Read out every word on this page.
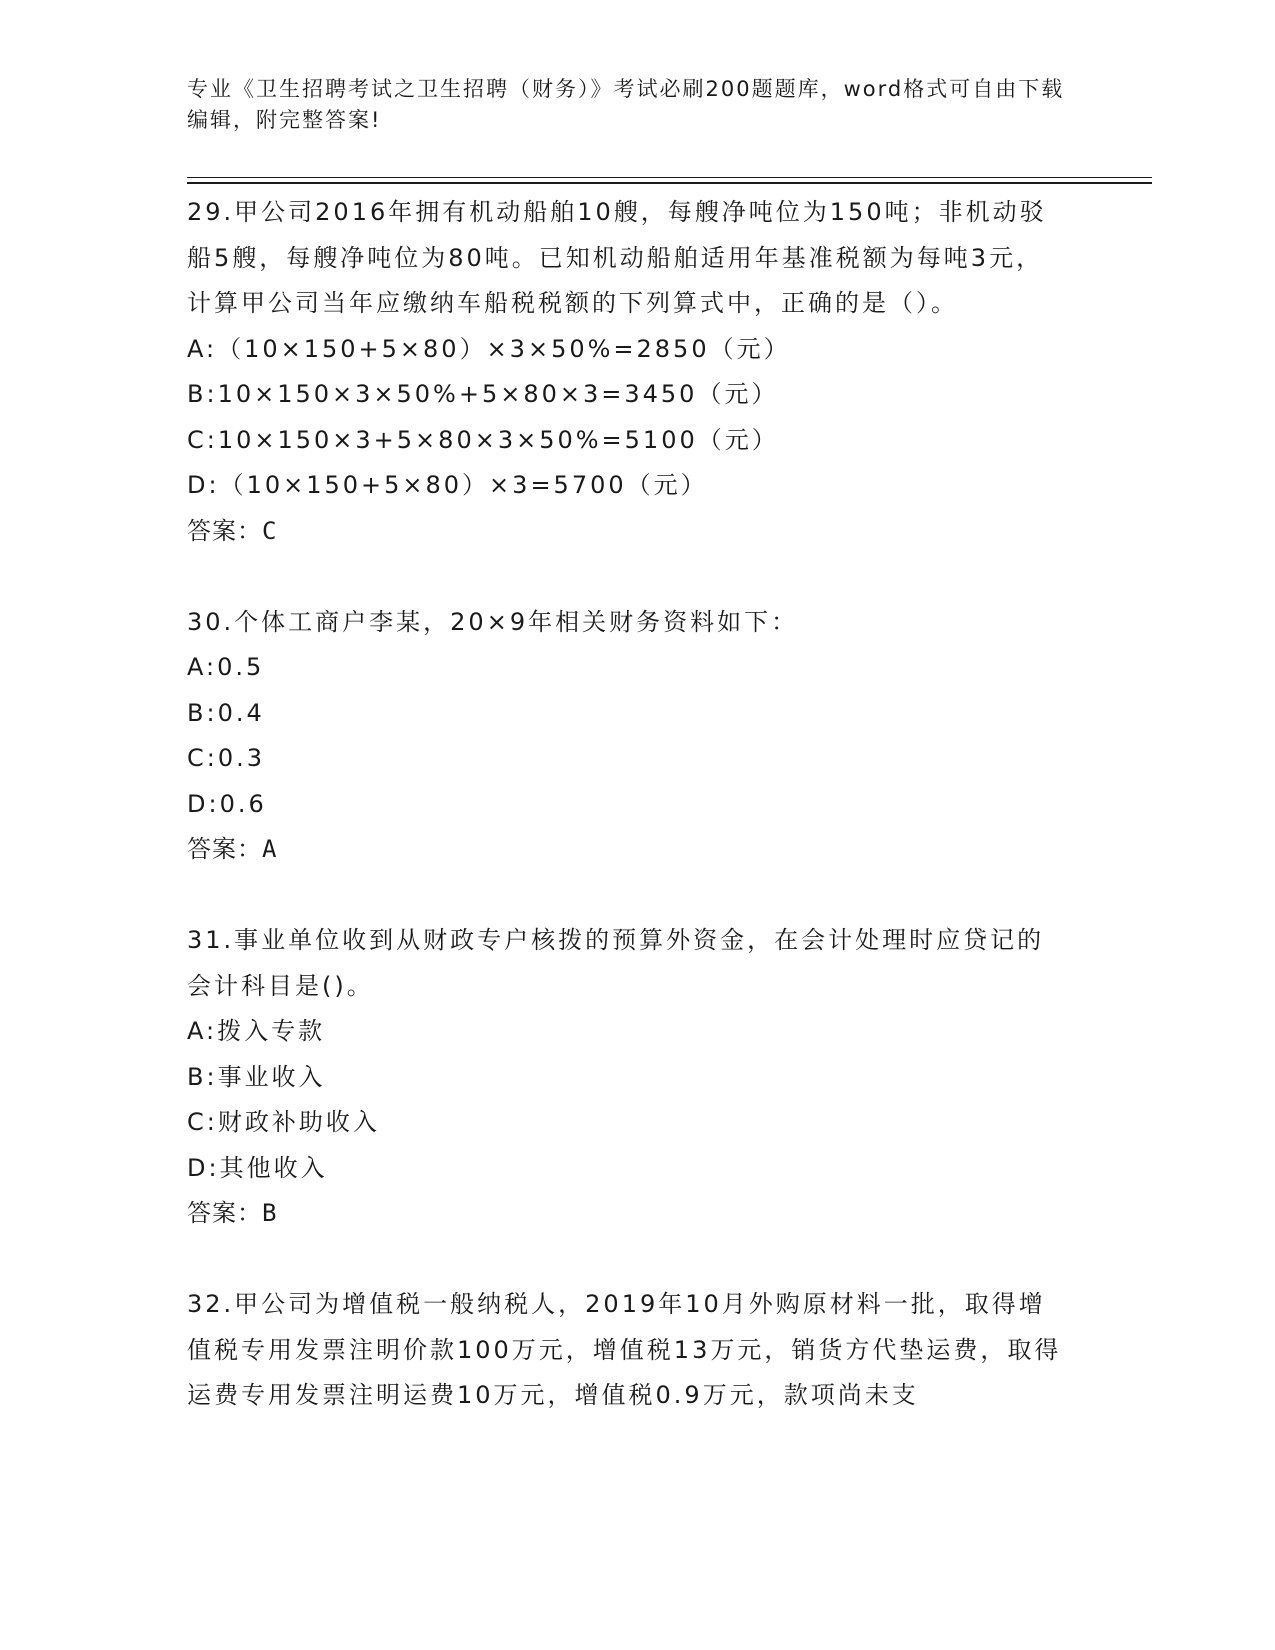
专业《卫生招聘考试之卫生招聘（财务）》考试必刷200题题库，word格式可自由下载编辑，附完整答案!

29.甲公司2016年拥有机动船舶10艘，每艘净吨位为150吨；非机动驳船5艘，每艘净吨位为80吨。已知机动船舶适用年基准税额为每吨3元，计算甲公司当年应缴纳车船税税额的下列算式中，正确的是（）。

A: （10×150+5×80）×3×50%=2850（元）

B: 10×150×3×50%+5×80×3=3450（元）

C: 10×150×3+5×80×3×50%=5100（元）

D: （10×150+5×80）×3=5700（元）

答案：C

30.个体工商户李某，20×9年相关财务资料如下：

A: 0.5

B: 0.4

C: 0.3

D: 0.6

答案：A

31.事业单位收到从财政专户核拨的预算外资金，在会计处理时应贷记的会计科目是()。

A: 拨入专款

B: 事业收入

C: 财政补助收入

D: 其他收入

答案：B

32.甲公司为增值税一般纳税人，2019年10月外购原材料一批，取得增值税专用发票注明价款100万元，增值税13万元，销货方代垫运费，取得运费专用发票注明运费10万元，增值税0.9万元，款项尚未支
